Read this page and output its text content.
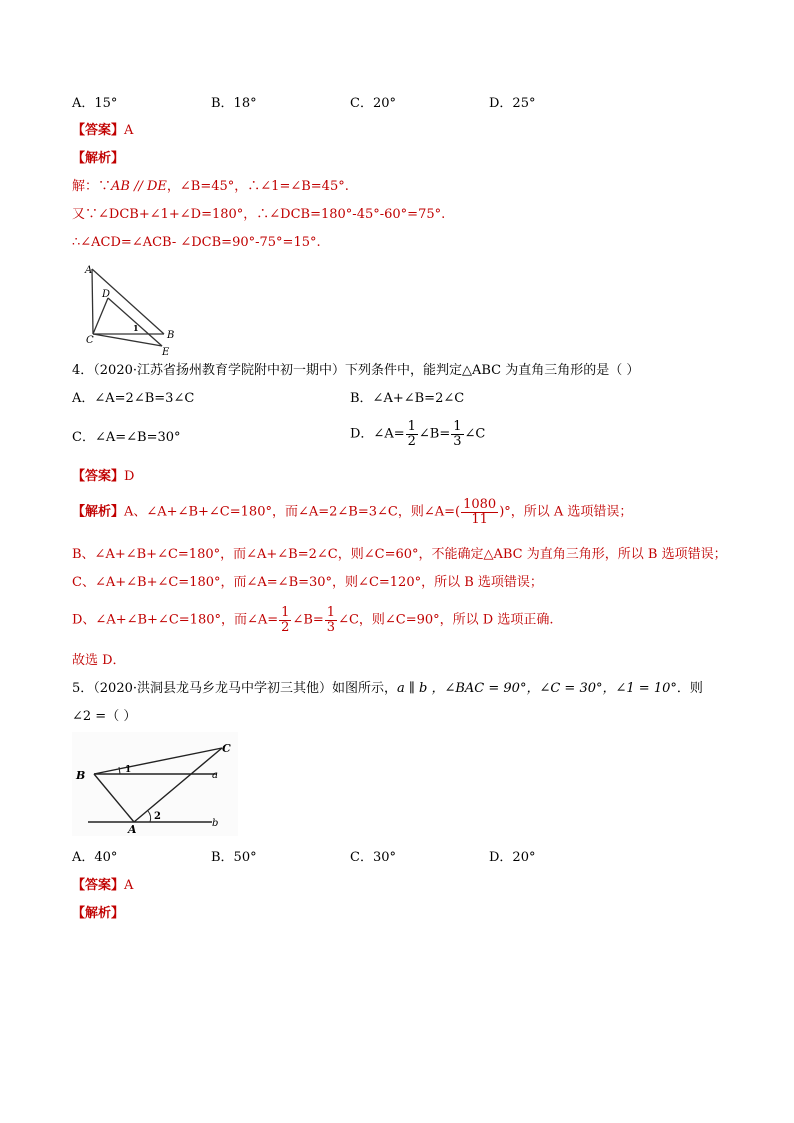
A．15°	B．18°	C．20°	D．25°
【答案】A
【解析】
解：∵AB // DE，∠B=45°，∴∠1=∠B=45°.
又∵∠DCB+∠1+∠D=180°，∴∠DCB=180°-45°-60°=75°.
∴∠ACD=∠ACB- ∠DCB=90°-75°=15°.
A
D
C	B
E
1
4．（2020·江苏省扬州教育学院附中初一期中）下列条件中，能判定△ABC 为直角三角形的是（ ）
A．∠A=2∠B=3∠C	B．∠A+∠B=2∠C
C．∠A=∠B=30°	D．∠A= $\frac{1}{2}$ ∠B= $\frac{1}{3}$ ∠C
【答案】D
【解析】A、∠A+∠B+∠C=180°，而∠A=2∠B=3∠C，则∠A=( $\frac{1080}{11}$ )°，所以 A 选项错误；
B、∠A+∠B+∠C=180°，而∠A+∠B=2∠C，则∠C=60°，不能确定△ABC 为直角三角形，所以 B 选项错误；
C、∠A+∠B+∠C=180°，而∠A=∠B=30°，则∠C=120°，所以 B 选项错误；
D、∠A+∠B+∠C=180°，而∠A= $\frac{1}{2}$ ∠B= $\frac{1}{3}$ ∠C，则∠C=90°，所以 D 选项正确.
故选 D．
5．（2020·洪洞县龙马乡龙马中学初三其他）如图所示，a ∥ b ，∠BAC = 90°，∠C = 30°，∠1 = 10°．则
∠2 =（ ）
C
B	a
b
A
1
2
A．40°	B．50°	C．30°	D．20°
【答案】A
【解析】
